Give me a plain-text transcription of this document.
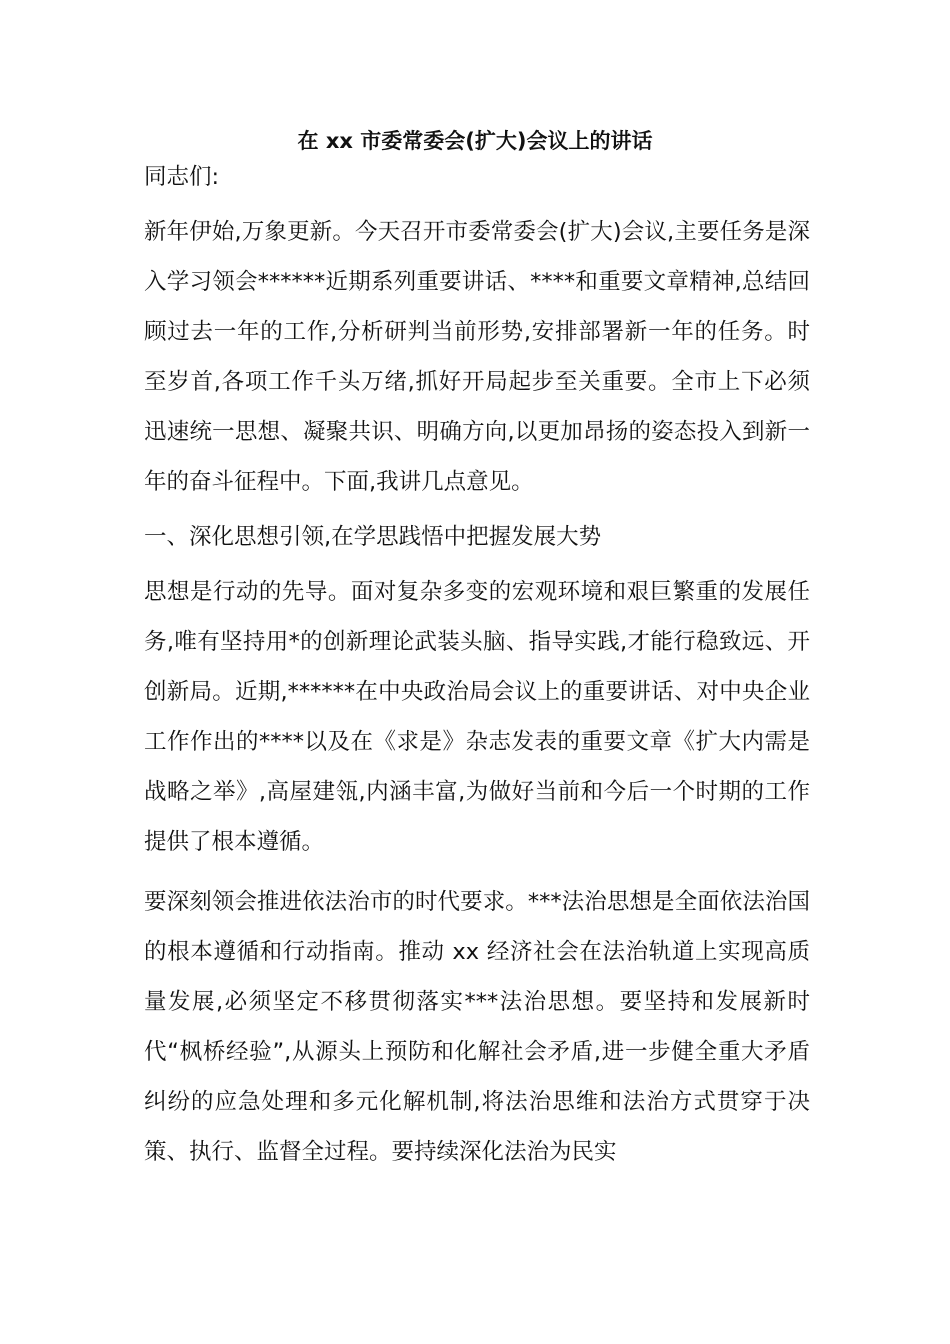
在 xx 市委常委会(扩大)会议上的讲话

同志们:

新年伊始,万象更新。今天召开市委常委会(扩大)会议,主要任务是深入学习领会******近期系列重要讲话、****和重要文章精神,总结回顾过去一年的工作,分析研判当前形势,安排部署新一年的任务。时至岁首,各项工作千头万绪,抓好开局起步至关重要。全市上下必须迅速统一思想、凝聚共识、明确方向,以更加昂扬的姿态投入到新一年的奋斗征程中。下面,我讲几点意见。

一、深化思想引领,在学思践悟中把握发展大势

思想是行动的先导。面对复杂多变的宏观环境和艰巨繁重的发展任务,唯有坚持用*的创新理论武装头脑、指导实践,才能行稳致远、开创新局。近期,******在中央政治局会议上的重要讲话、对中央企业工作作出的****以及在《求是》杂志发表的重要文章《扩大内需是战略之举》,高屋建瓴,内涵丰富,为做好当前和今后一个时期的工作提供了根本遵循。

要深刻领会推进依法治市的时代要求。***法治思想是全面依法治国的根本遵循和行动指南。推动 xx 经济社会在法治轨道上实现高质量发展,必须坚定不移贯彻落实***法治思想。要坚持和发展新时代“枫桥经验”,从源头上预防和化解社会矛盾,进一步健全重大矛盾纠纷的应急处理和多元化解机制,将法治思维和法治方式贯穿于决策、执行、监督全过程。要持续深化法治为民实
